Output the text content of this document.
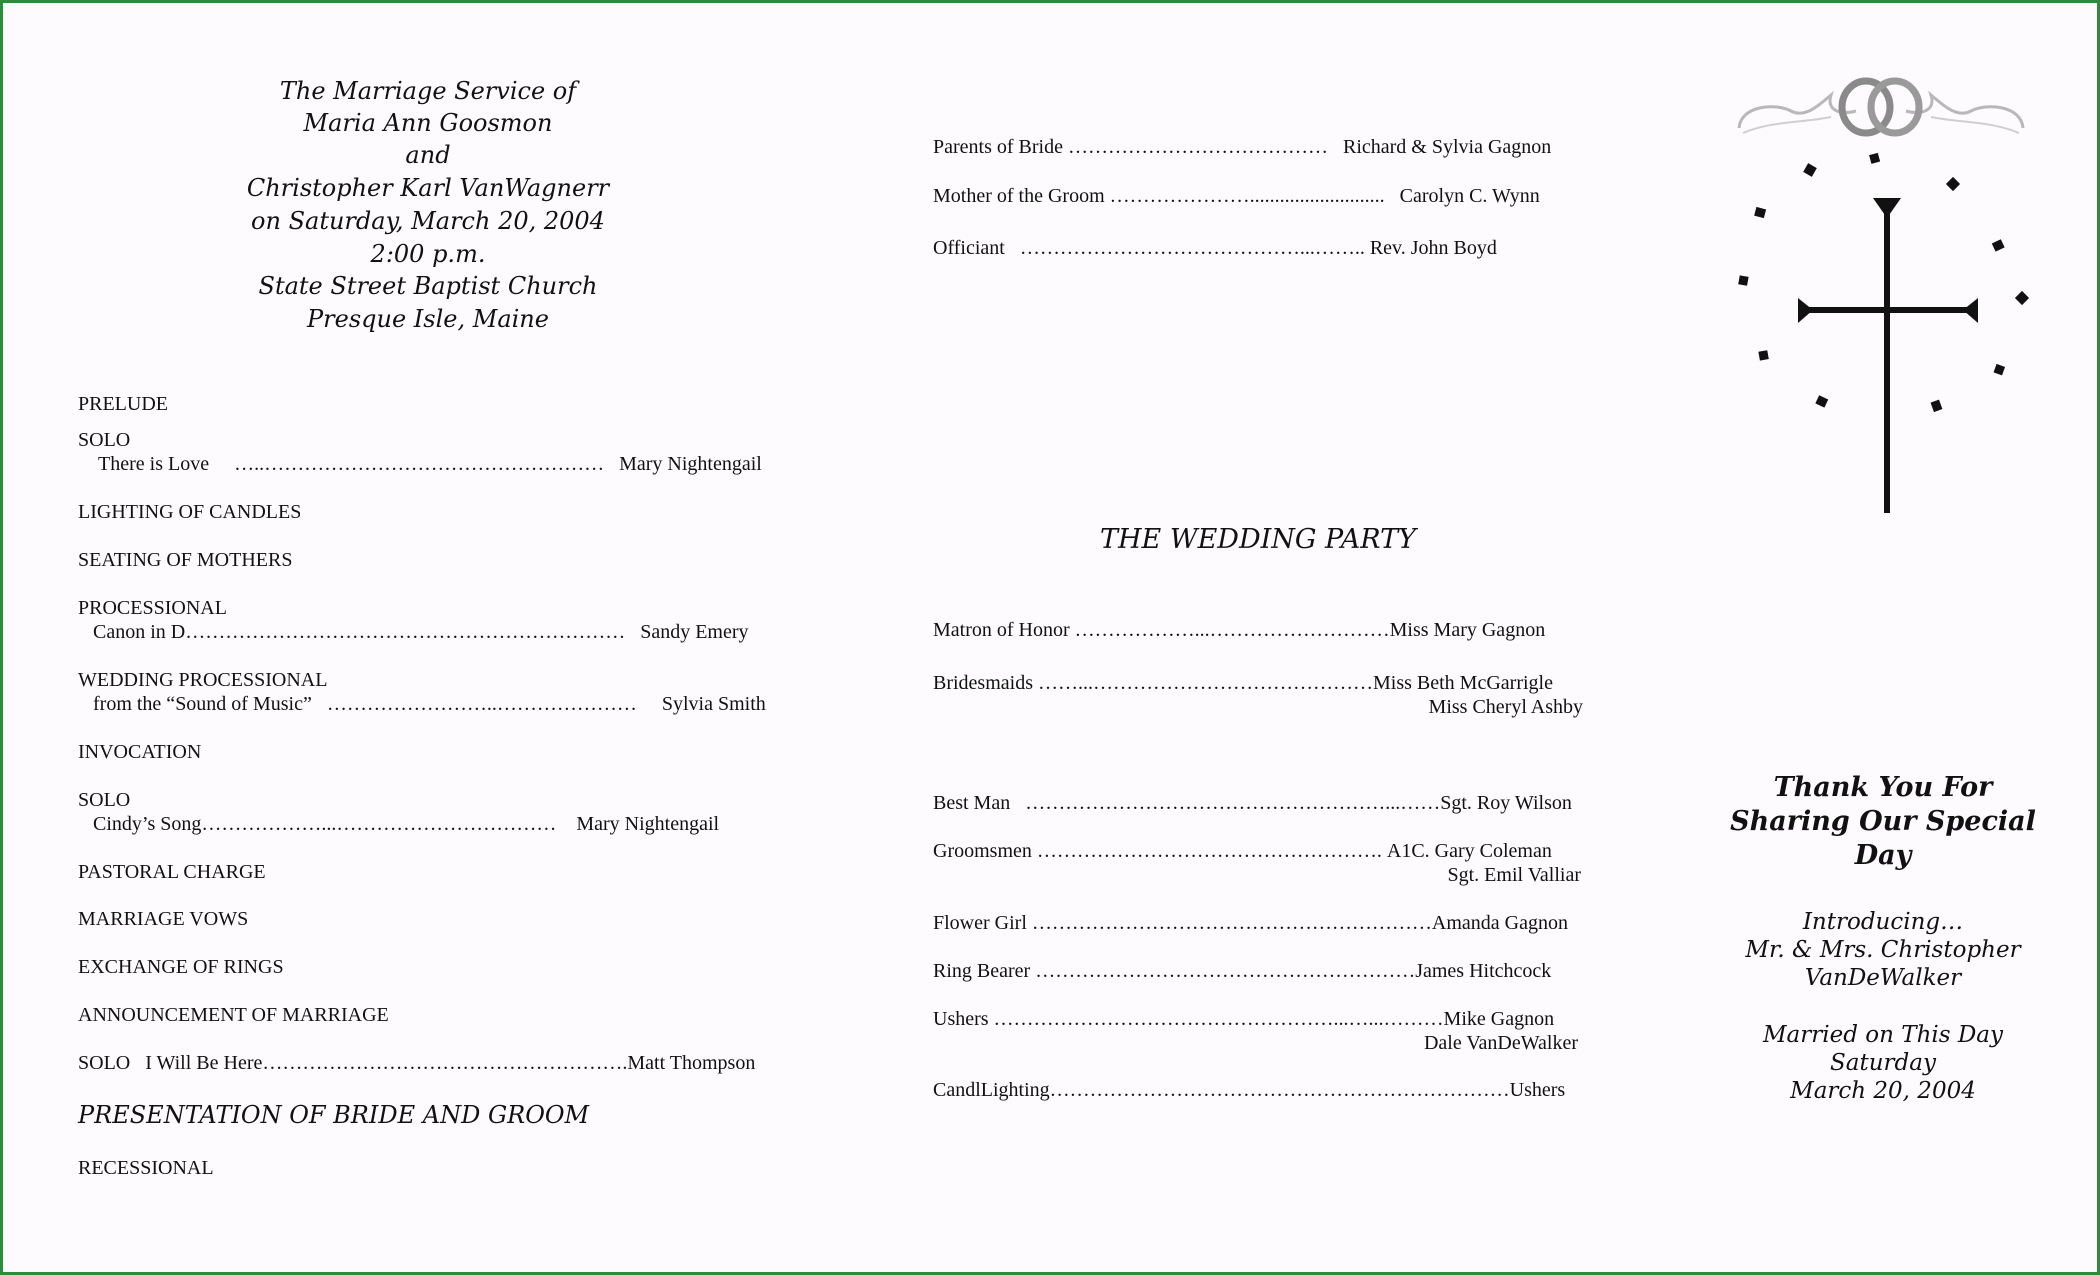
The Marriage Service of
Maria Ann Goosmon
and
Christopher Karl VanWagnerr
on Saturday, March 20, 2004
2:00 p.m.
State Street Baptist Church
Presque Isle, Maine
PRELUDE
SOLO
There is Love …..…………………………………………… Mary Nightengail
LIGHTING OF CANDLES
SEATING OF MOTHERS
PROCESSIONAL
Canon in D………………………………………………………… Sandy Emery
WEDDING PROCESSIONAL
from the “Sound of Music” ……………………..………………… Sylvia Smith
INVOCATION
SOLO
Cindy’s Song………………...…………………………… Mary Nightengail
PASTORAL CHARGE
MARRIAGE VOWS
EXCHANGE OF RINGS
ANNOUNCEMENT OF MARRIAGE
SOLO I Will Be Here……………………………………………….Matt Thompson
PRESENTATION OF BRIDE AND GROOM
RECESSIONAL
Parents of Bride ………………………………… Richard & Sylvia Gagnon
Mother of the Groom …………………........................... Carolyn C. Wynn
Officiant ……………………………………...…….. Rev. John Boyd
THE WEDDING PARTY
Matron of Honor ………………...………………………Miss Mary Gagnon
Bridesmaids ……...……………………………………Miss Beth McGarrigle
Miss Cheryl Ashby
Best Man ………………………………………………...……Sgt. Roy Wilson
Groomsmen ……………………………………………. A1C. Gary Coleman
Sgt. Emil Valliar
Flower Girl ……………………………………………………Amanda Gagnon
Ring Bearer …………………………………………………James Hitchcock
Ushers ……………………………………………...…...………Mike Gagnon
Dale VanDeWalker
CandlLighting……………………………………………………………Ushers
Thank You For
Sharing Our Special
Day
Introducing…
Mr. & Mrs. Christopher
VanDeWalker
Married on This Day
Saturday
March 20, 2004
